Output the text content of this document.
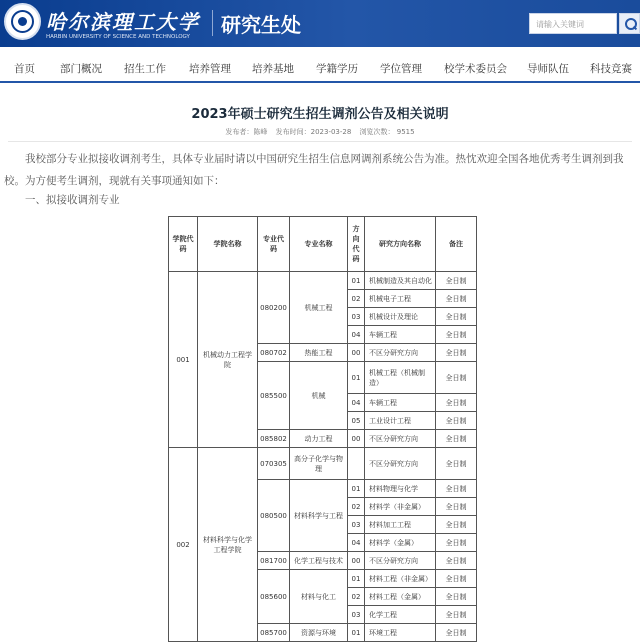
哈尔滨理工大学
HARBIN UNIVERSITY OF SCIENCE AND TECHNOLOGY 研究生处	请输入关键词
首页 部门概况 招生工作 培养管理 培养基地 学籍学历 学位管理 校学术委员会 导师队伍 科技竞赛
2023年硕士研究生招生调剂公告及相关说明
发布者：陈峰 发布时间：2023-03-28 浏览次数： 9515
我校部分专业拟接收调剂考生，具体专业届时请以中国研究生招生信息网调剂系统公告为准。热忱欢迎全国各地优秀考生调剂到我校。为方便考生调剂，现就有关事项通知如下：
一、拟接收调剂专业
学院代码	学院名称	专业代码	专业名称	方向代码	研究方向名称	备注
001	机械动力工程学院	080200	机械工程	01	机械制造及其自动化	全日制
				02	机械电子工程	全日制
				03	机械设计及理论	全日制
				04	车辆工程	全日制
		080702	热能工程	00	不区分研究方向	全日制
		085500	机械	01	机械工程（机械制造）	全日制
				04	车辆工程	全日制
				05	工业设计工程	全日制
		085802	动力工程	00	不区分研究方向	全日制
002	材料科学与化学工程学院	070305	高分子化学与物理		不区分研究方向	全日制
		080500	材料科学与工程	01	材料物理与化学	全日制
				02	材料学（非金属）	全日制
				03	材料加工工程	全日制
				04	材料学（金属）	全日制
		081700	化学工程与技术	00	不区分研究方向	全日制
		085600	材料与化工	01	材料工程（非金属）	全日制
				02	材料工程（金属）	全日制
				03	化学工程	全日制
		085700	资源与环境	01	环境工程	全日制
